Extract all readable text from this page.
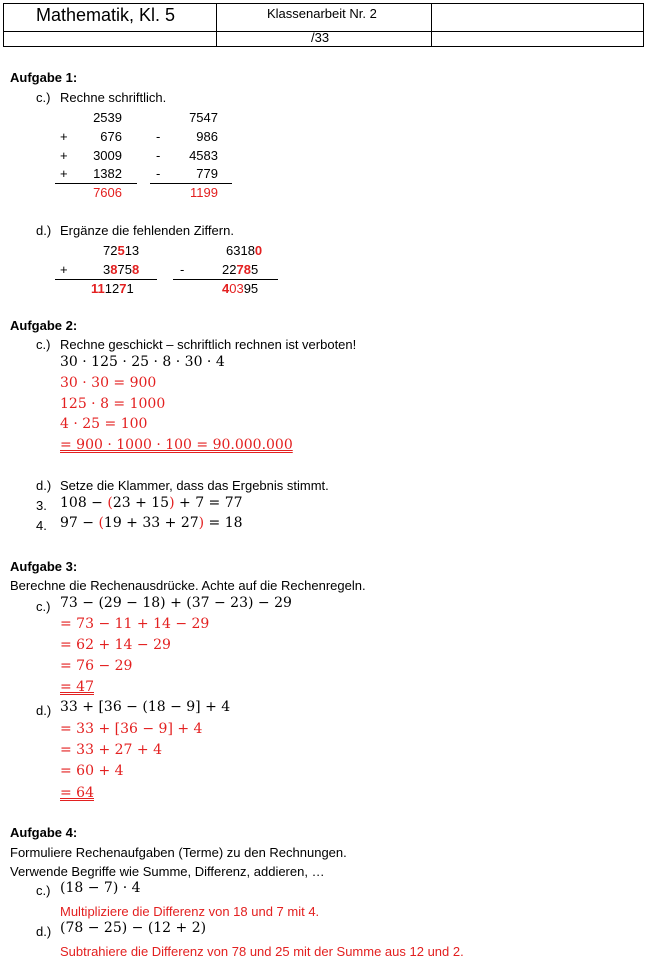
Mathematik, Kl. 5	Klassenarbeit Nr. 2
/33
Aufgabe 1:
c.) Rechne schriftlich.
2539
+	676
+	3009
+	1382
7606
7547
-	986
-	4583
-	779
1199
d.) Ergänze die fehlenden Ziffern.
72513
+	38758
111271
63180
-	22785
40395
Aufgabe 2:
c.) Rechne geschickt – schriftlich rechnen ist verboten!
30 · 125 · 25 · 8 · 30 · 4
30 · 30 = 900
125 · 8 = 1000
4 · 25 = 100
= 900 · 1000 · 100 = 90.000.000
d.) Setze die Klammer, dass das Ergebnis stimmt.
3. 108 − (23 + 15) + 7 = 77
4. 97 − (19 + 33 + 27) = 18
Aufgabe 3:
Berechne die Rechenausdrücke. Achte auf die Rechenregeln.
c.) 73 − (29 − 18) + (37 − 23) − 29
= 73 − 11 + 14 − 29
= 62 + 14 − 29
= 76 − 29
= 47
d.) 33 + [36 − (18 − 9] + 4
= 33 + [36 − 9] + 4
= 33 + 27 + 4
= 60 + 4
= 64
Aufgabe 4:
Formuliere Rechenaufgaben (Terme) zu den Rechnungen.
Verwende Begriffe wie Summe, Differenz, addieren, …
c.) (18 − 7) · 4
Multipliziere die Differenz von 18 und 7 mit 4.
d.) (78 − 25) − (12 + 2)
Subtrahiere die Differenz von 78 und 25 mit der Summe aus 12 und 2.
